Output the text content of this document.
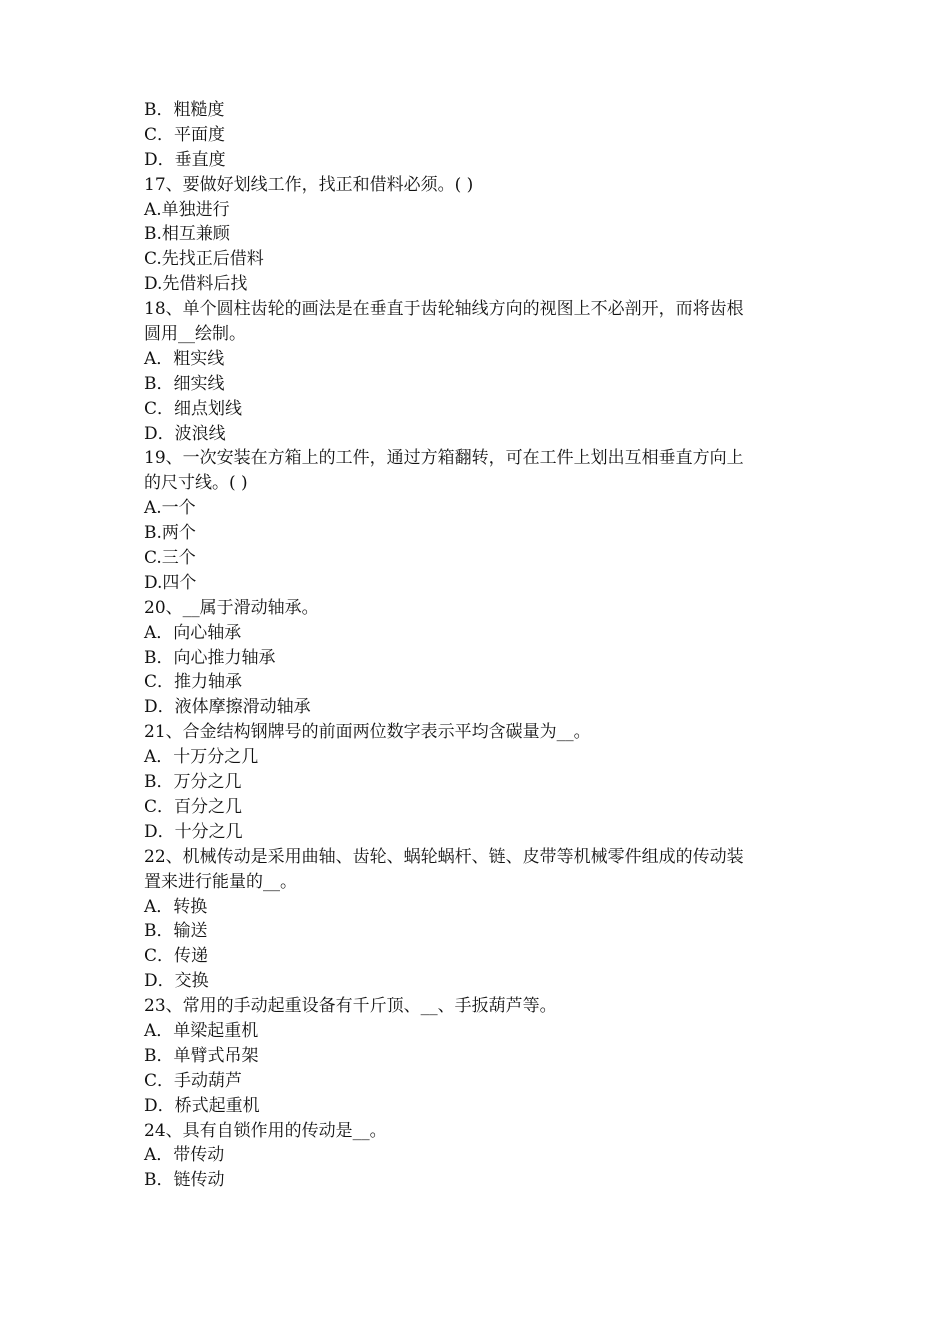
B．粗糙度
C．平面度
D．垂直度
17、要做好划线工作，找正和借料必须。( )
A.单独进行
B.相互兼顾
C.先找正后借料
D.先借料后找
18、单个圆柱齿轮的画法是在垂直于齿轮轴线方向的视图上不必剖开，而将齿根
圆用__绘制。
A．粗实线
B．细实线
C．细点划线
D．波浪线
19、一次安装在方箱上的工件，通过方箱翻转，可在工件上划出互相垂直方向上
的尺寸线。( )
A.一个
B.两个
C.三个
D.四个
20、__属于滑动轴承。
A．向心轴承
B．向心推力轴承
C．推力轴承
D．液体摩擦滑动轴承
21、合金结构钢牌号的前面两位数字表示平均含碳量为__。
A．十万分之几
B．万分之几
C．百分之几
D．十分之几
22、机械传动是采用曲轴、齿轮、蜗轮蜗杆、链、皮带等机械零件组成的传动装
置来进行能量的__。
A．转换
B．输送
C．传递
D．交换
23、常用的手动起重设备有千斤顶、__、手扳葫芦等。
A．单梁起重机
B．单臂式吊架
C．手动葫芦
D．桥式起重机
24、具有自锁作用的传动是__。
A．带传动
B．链传动
